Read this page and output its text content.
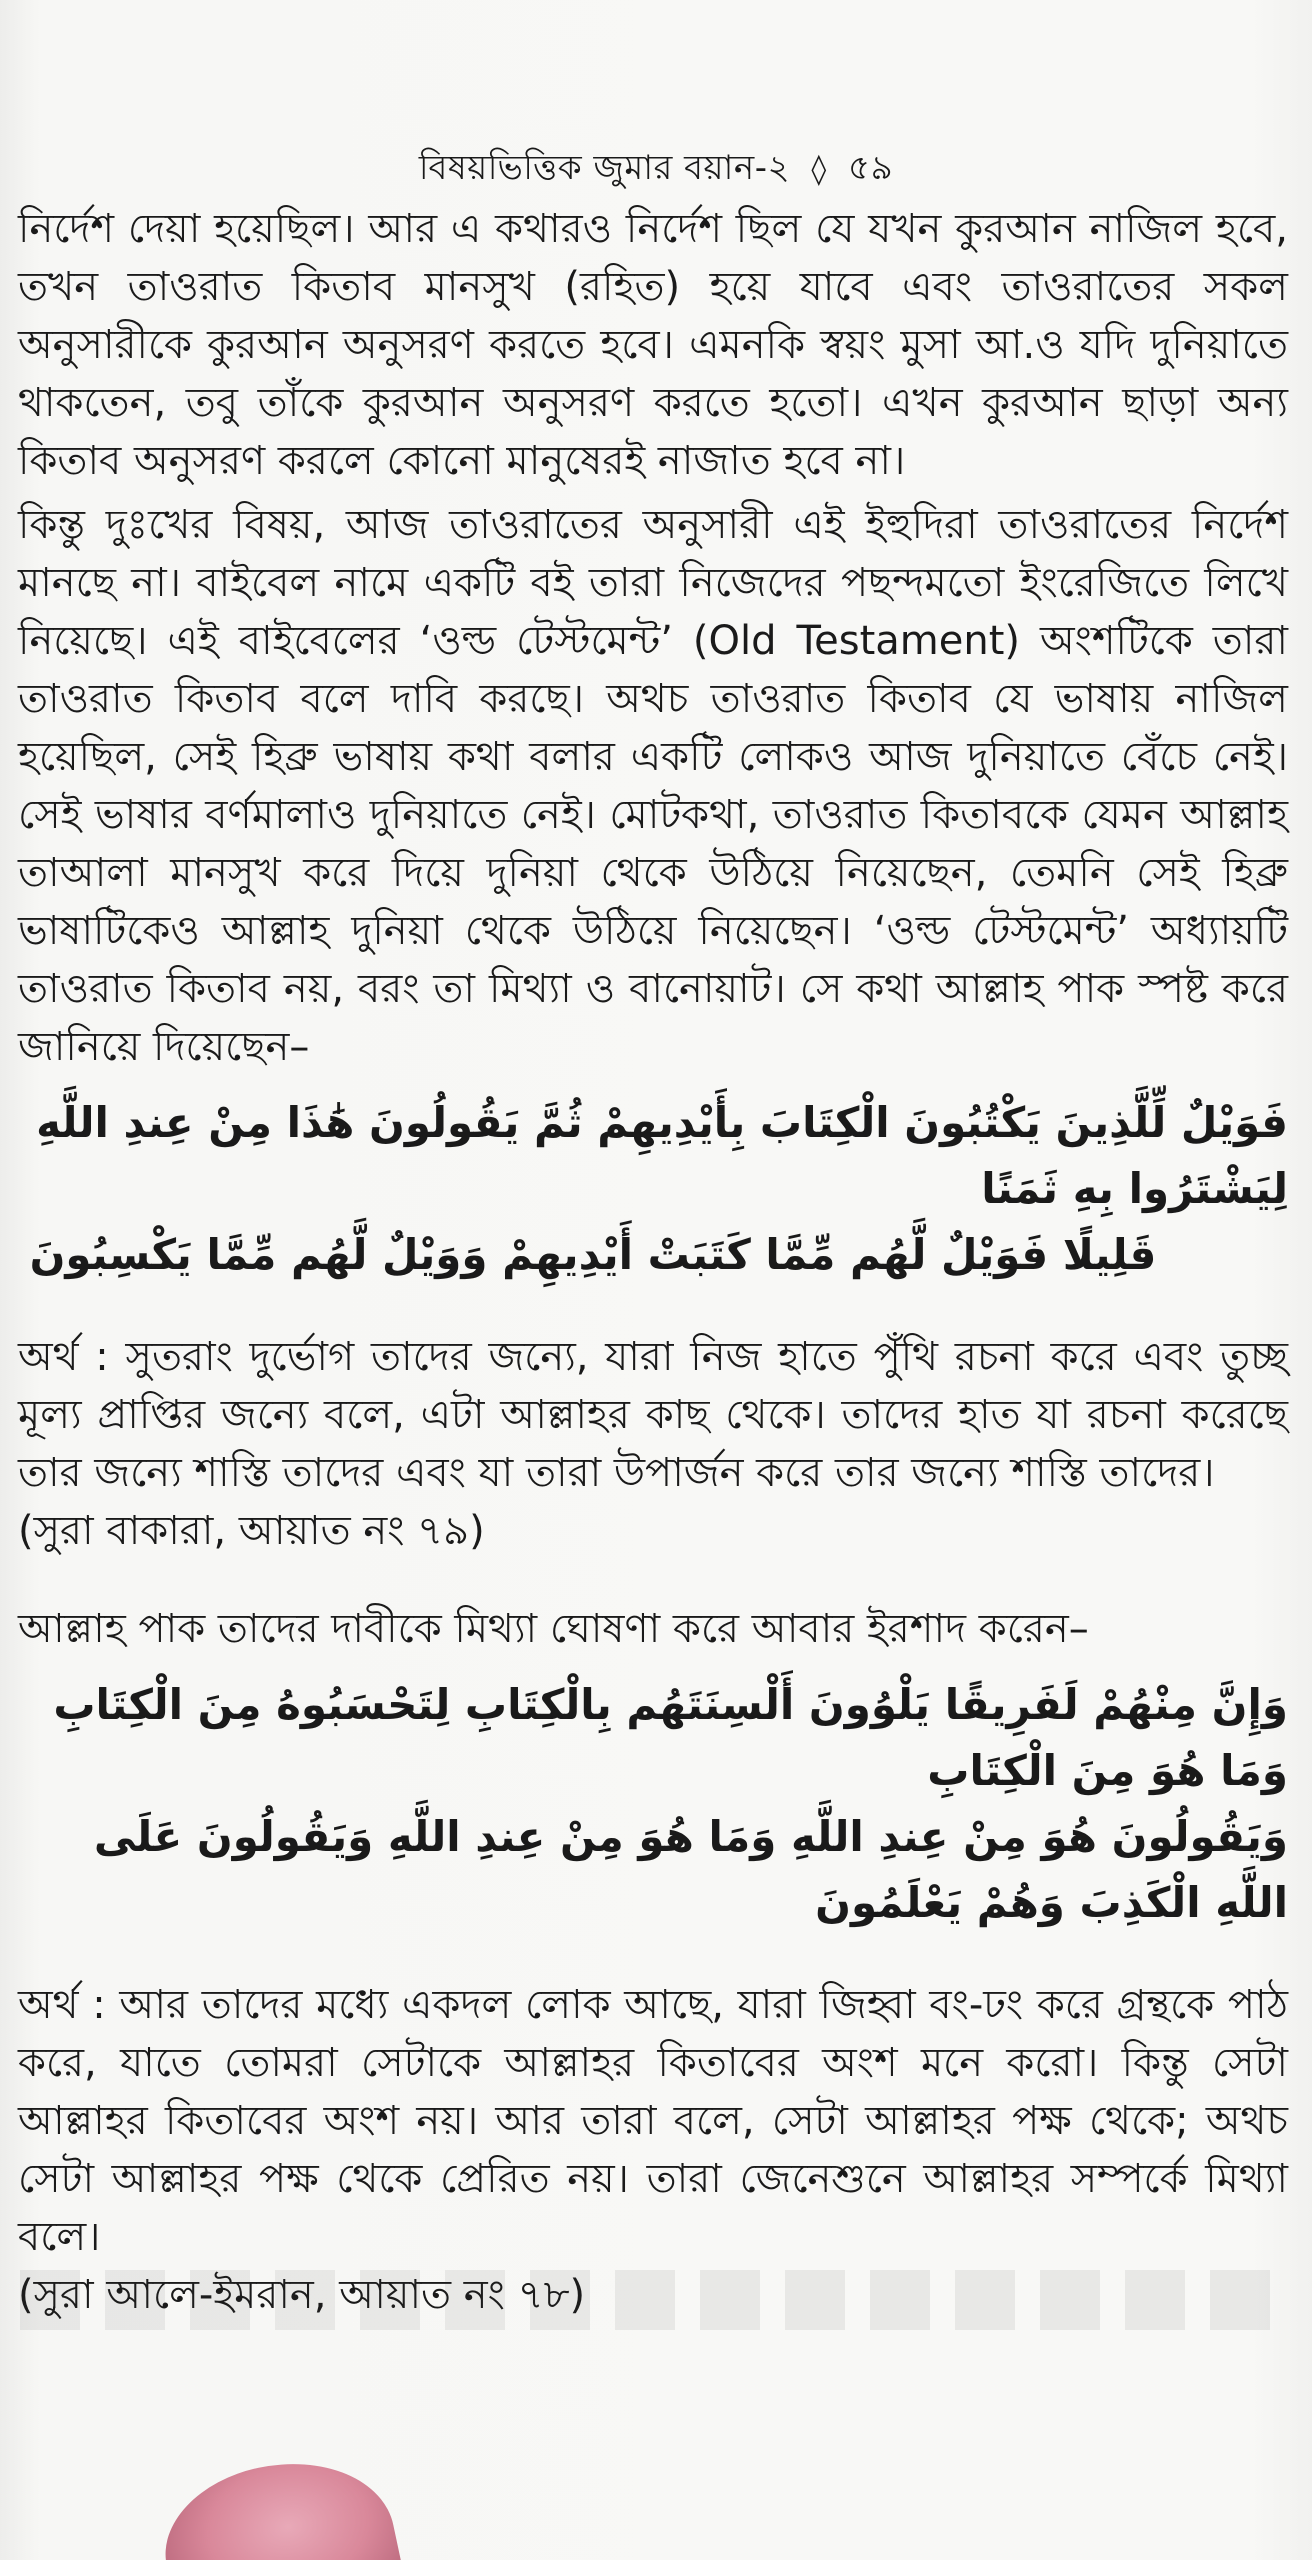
বিষয়ভিত্তিক জুমার বয়ান-২ ◊ ৫৯

নির্দেশ দেয়া হয়েছিল। আর এ কথারও নির্দেশ ছিল যে যখন কুরআন নাজিল হবে, তখন তাওরাত কিতাব মানসুখ (রহিত) হয়ে যাবে এবং তাওরাতের সকল অনুসারীকে কুরআন অনুসরণ করতে হবে। এমনকি স্বয়ং মুসা আ.ও যদি দুনিয়াতে থাকতেন, তবু তাঁকে কুরআন অনুসরণ করতে হতো। এখন কুরআন ছাড়া অন্য কিতাব অনুসরণ করলে কোনো মানুষেরই নাজাত হবে না।

কিন্তু দুঃখের বিষয়, আজ তাওরাতের অনুসারী এই ইহুদিরা তাওরাতের নির্দেশ মানছে না। বাইবেল নামে একটি বই তারা নিজেদের পছন্দমতো ইংরেজিতে লিখে নিয়েছে। এই বাইবেলের ‘ওল্ড টেস্টমেন্ট’ (Old Testament) অংশটিকে তারা তাওরাত কিতাব বলে দাবি করছে। অথচ তাওরাত কিতাব যে ভাষায় নাজিল হয়েছিল, সেই হিব্রু ভাষায় কথা বলার একটি লোকও আজ দুনিয়াতে বেঁচে নেই। সেই ভাষার বর্ণমালাও দুনিয়াতে নেই। মোটকথা, তাওরাত কিতাবকে যেমন আল্লাহ তাআলা মানসুখ করে দিয়ে দুনিয়া থেকে উঠিয়ে নিয়েছেন, তেমনি সেই হিব্রু ভাষাটিকেও আল্লাহ দুনিয়া থেকে উঠিয়ে নিয়েছেন। ‘ওল্ড টেস্টমেন্ট’ অধ্যায়টি তাওরাত কিতাব নয়, বরং তা মিথ্যা ও বানোয়াট। সে কথা আল্লাহ পাক স্পষ্ট করে জানিয়ে দিয়েছেন–

فَوَيْلٌ لِّلَّذِينَ يَكْتُبُونَ الْكِتَابَ بِأَيْدِيهِمْ ثُمَّ يَقُولُونَ هَٰذَا مِنْ عِندِ اللَّهِ لِيَشْتَرُوا بِهِ ثَمَنًا
قَلِيلًا فَوَيْلٌ لَّهُم مِّمَّا كَتَبَتْ أَيْدِيهِمْ وَوَيْلٌ لَّهُم مِّمَّا يَكْسِبُونَ

অর্থ : সুতরাং দুর্ভোগ তাদের জন্যে, যারা নিজ হাতে পুঁথি রচনা করে এবং তুচ্ছ মূল্য প্রাপ্তির জন্যে বলে, এটা আল্লাহর কাছ থেকে। তাদের হাত যা রচনা করেছে তার জন্যে শাস্তি তাদের এবং যা তারা উপার্জন করে তার জন্যে শাস্তি তাদের।
(সুরা বাকারা, আয়াত নং ৭৯)

আল্লাহ পাক তাদের দাবীকে মিথ্যা ঘোষণা করে আবার ইরশাদ করেন–

وَإِنَّ مِنْهُمْ لَفَرِيقًا يَلْوُونَ أَلْسِنَتَهُم بِالْكِتَابِ لِتَحْسَبُوهُ مِنَ الْكِتَابِ وَمَا هُوَ مِنَ الْكِتَابِ
وَيَقُولُونَ هُوَ مِنْ عِندِ اللَّهِ وَمَا هُوَ مِنْ عِندِ اللَّهِ وَيَقُولُونَ عَلَى اللَّهِ الْكَذِبَ وَهُمْ يَعْلَمُونَ

অর্থ : আর তাদের মধ্যে একদল লোক আছে, যারা জিহ্বা বং-ঢং করে গ্রন্থকে পাঠ করে, যাতে তোমরা সেটাকে আল্লাহর কিতাবের অংশ মনে করো। কিন্তু সেটা আল্লাহর কিতাবের অংশ নয়। আর তারা বলে, সেটা আল্লাহর পক্ষ থেকে; অথচ সেটা আল্লাহর পক্ষ থেকে প্রেরিত নয়। তারা জেনেশুনে আল্লাহর সম্পর্কে মিথ্যা বলে।
(সুরা আলে-ইমরান, আয়াত নং ৭৮)
